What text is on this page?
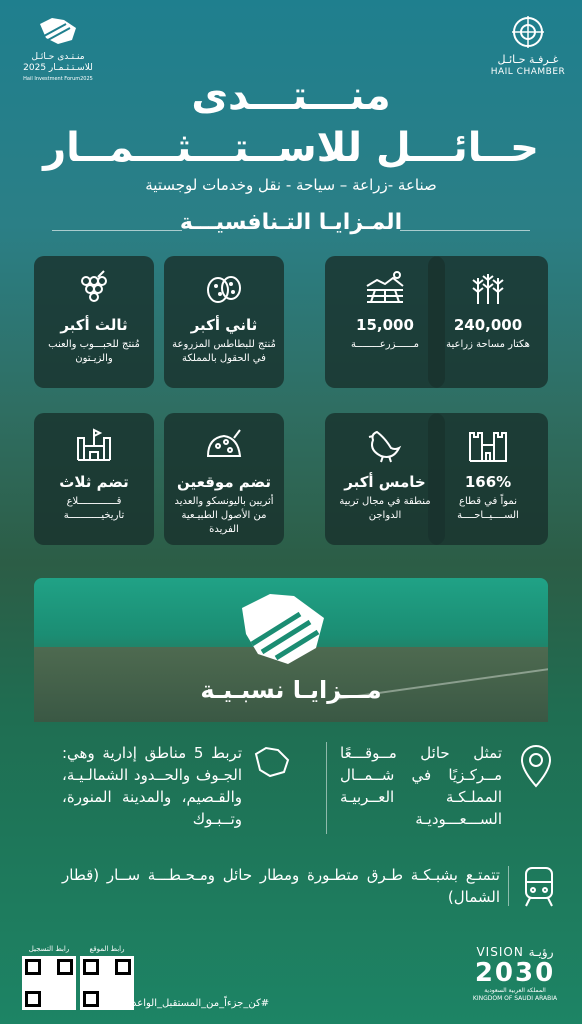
منـتـدى حـائـل
للاسـتـثـمـار 2025
Hail Investment Forum2025
غـرفـة حـائـل
HAIL CHAMBER
منـــتـــدى
حــائـــل للاســتـــثـــمــار
صناعة -زراعة – سياحة - نقل وخدمات لوجستية
المـزايـا التـنافسيـــة
240,000
هكتار مساحة زراعية
15,000
مــــــزرعــــــــة
ثاني أكبر
مُنتج للبطاطس المزروعة في الحقول بالمملكة
ثالث أكبر
مُنتج للحبـــوب والعنب والزيـتون
166%
نمواً في قطاع الســــيــاحــــة
خامس أكبر
منطقة في مجال تربية الدواجن
تضم موقعين
أثريين باليونسكو والعديد من الأصول الطبيـعية الفريدة
تضم ثلاث
قـــــــــــــلاع تاريخيـــــــــــة
مـــزايـا نسبـيـة
تمثل حائل مــوقـــعًا مــركـزيًا في شــمــال المملـكـة العــربيـة الســـعـــوديـة
تربط 5 مناطق إدارية وهي: الجـوف والحــدود الشمالـيـة، والقـصيم، والمدينة المنورة، وتــبـوك
تتمتـع بشبـكـة طـرق متطـورة ومطار حائل ومـحـطـــة ســار (قطار الشمال)
رابط التسجيل	رابط الموقع
#كن_جزءاً_من_المستقبل_الواعد
VISION رؤيـة
2030
المملكة العربية السعودية
KINGDOM OF SAUDI ARABIA
